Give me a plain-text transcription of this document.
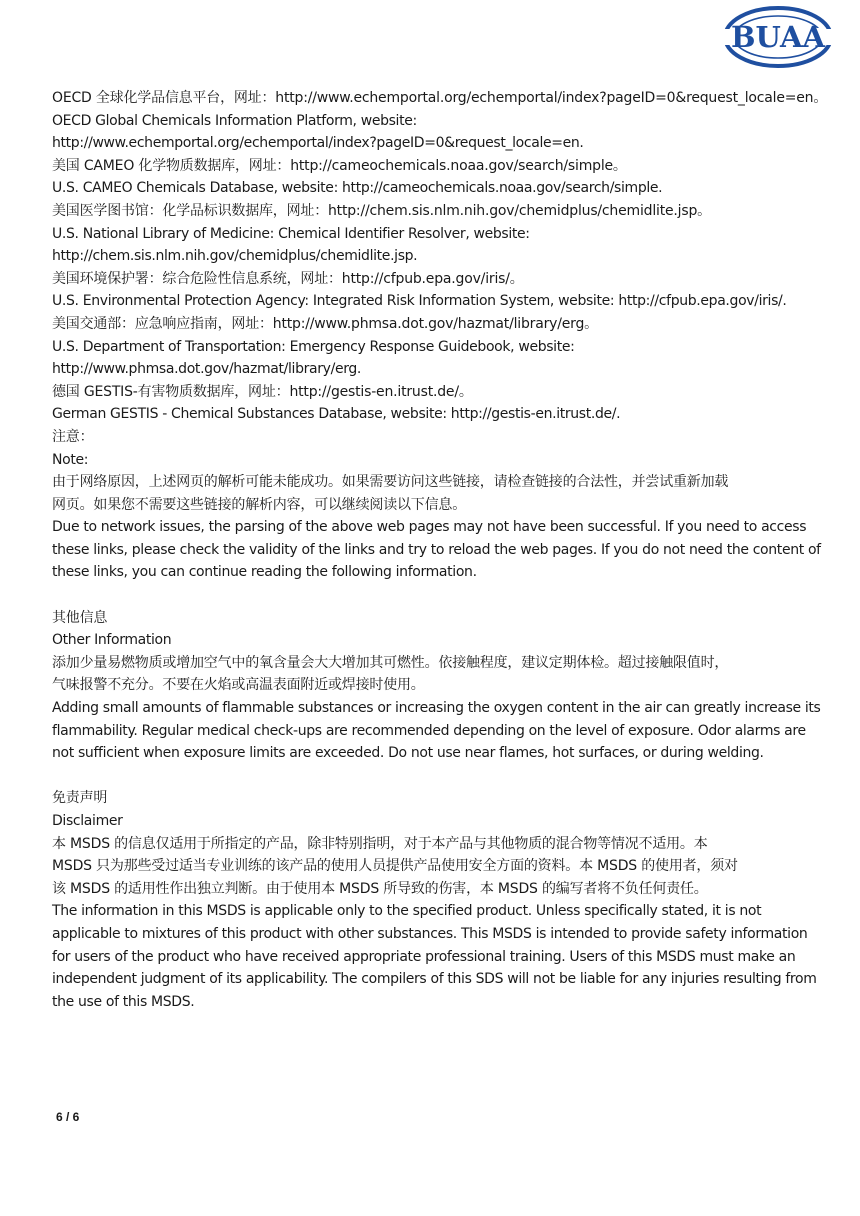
BUAA
OECD 全球化学品信息平台，网址：http://www.echemportal.org/echemportal/index?pageID=0&request_locale=en。
OECD Global Chemicals Information Platform, website:
http://www.echemportal.org/echemportal/index?pageID=0&request_locale=en.
美国 CAMEO 化学物质数据库，网址：http://cameochemicals.noaa.gov/search/simple。
U.S. CAMEO Chemicals Database, website: http://cameochemicals.noaa.gov/search/simple.
美国医学图书馆：化学品标识数据库，网址：http://chem.sis.nlm.nih.gov/chemidplus/chemidlite.jsp。
U.S. National Library of Medicine: Chemical Identifier Resolver, website:
http://chem.sis.nlm.nih.gov/chemidplus/chemidlite.jsp.
美国环境保护署：综合危险性信息系统，网址：http://cfpub.epa.gov/iris/。
U.S. Environmental Protection Agency: Integrated Risk Information System, website: http://cfpub.epa.gov/iris/.
美国交通部：应急响应指南，网址：http://www.phmsa.dot.gov/hazmat/library/erg。
U.S. Department of Transportation: Emergency Response Guidebook, website:
http://www.phmsa.dot.gov/hazmat/library/erg.
德国 GESTIS-有害物质数据库，网址：http://gestis-en.itrust.de/。
German GESTIS - Chemical Substances Database, website: http://gestis-en.itrust.de/.
注意：
Note:
由于网络原因，上述网页的解析可能未能成功。如果需要访问这些链接，请检查链接的合法性，并尝试重新加载
网页。如果您不需要这些链接的解析内容，可以继续阅读以下信息。
Due to network issues, the parsing of the above web pages may not have been successful. If you need to access
these links, please check the validity of the links and try to reload the web pages. If you do not need the content of
these links, you can continue reading the following information.
其他信息
Other Information
添加少量易燃物质或增加空气中的氧含量会大大增加其可燃性。依接触程度，建议定期体检。超过接触限值时，
气味报警不充分。不要在火焰或高温表面附近或焊接时使用。
Adding small amounts of flammable substances or increasing the oxygen content in the air can greatly increase its
flammability. Regular medical check-ups are recommended depending on the level of exposure. Odor alarms are
not sufficient when exposure limits are exceeded. Do not use near flames, hot surfaces, or during welding.
免责声明
Disclaimer
本 MSDS 的信息仅适用于所指定的产品，除非特别指明，对于本产品与其他物质的混合物等情况不适用。本
MSDS 只为那些受过适当专业训练的该产品的使用人员提供产品使用安全方面的资料。本 MSDS 的使用者，须对
该 MSDS 的适用性作出独立判断。由于使用本 MSDS 所导致的伤害，本 MSDS 的编写者将不负任何责任。
The information in this MSDS is applicable only to the specified product. Unless specifically stated, it is not
applicable to mixtures of this product with other substances. This MSDS is intended to provide safety information
for users of the product who have received appropriate professional training. Users of this MSDS must make an
independent judgment of its applicability. The compilers of this SDS will not be liable for any injuries resulting from
the use of this MSDS.
6 / 6
